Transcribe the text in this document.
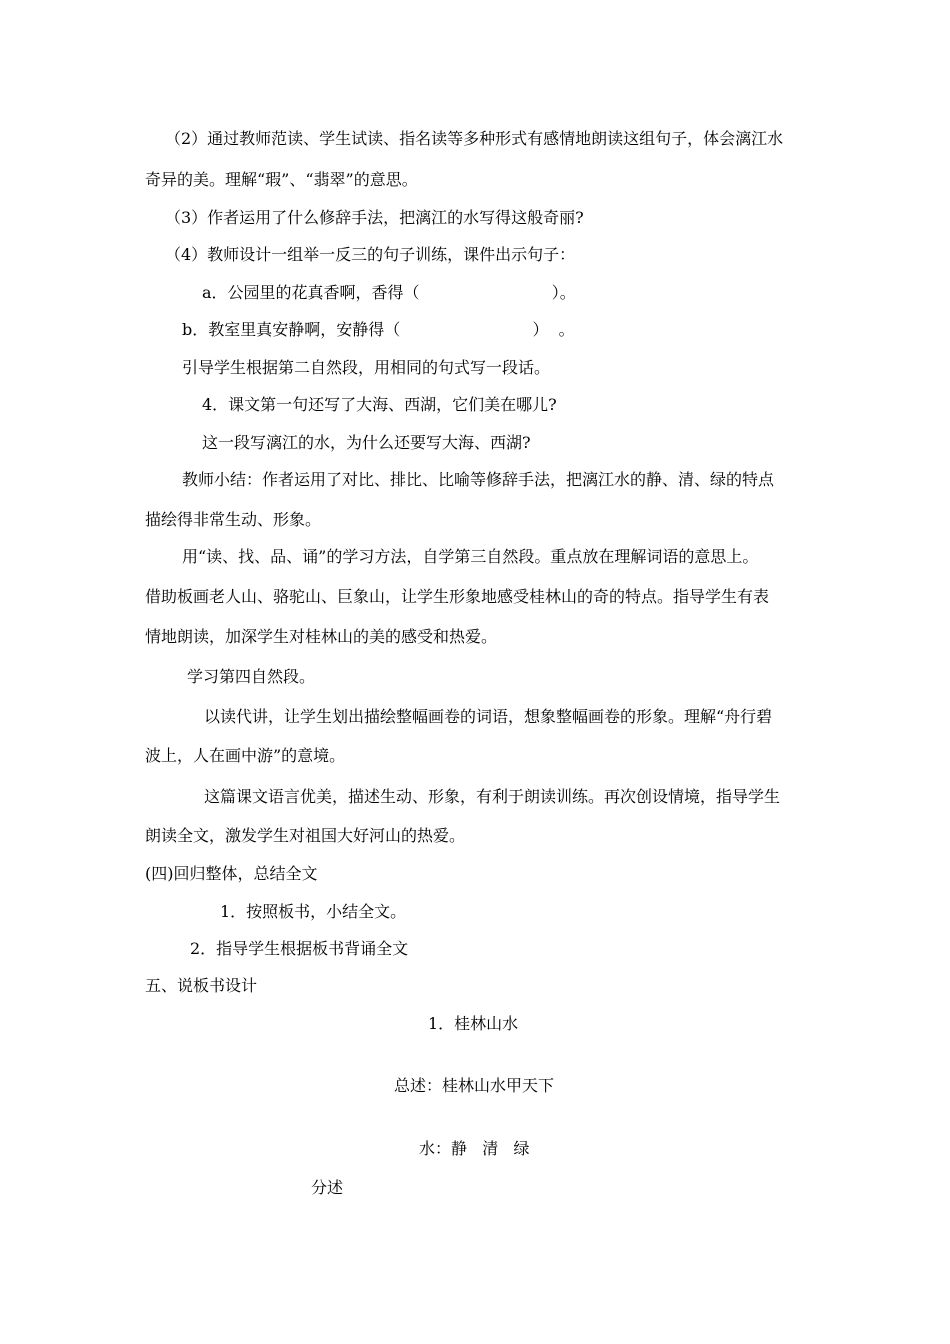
（2）通过教师范读、学生试读、指名读等多种形式有感情地朗读这组句子，体会漓江水

奇异的美。理解“瑕”、“翡翠”的意思。

（3）作者运用了什么修辞手法，把漓江的水写得这般奇丽?

（4）教师设计一组举一反三的句子训练，课件出示句子：

a．公园里的花真香啊，香得（                          ）。

b．教室里真安静啊，安静得（                          ）  。

引导学生根据第二自然段，用相同的句式写一段话。

4．课文第一句还写了大海、西湖，它们美在哪儿?

这一段写漓江的水，为什么还要写大海、西湖?

教师小结：作者运用了对比、排比、比喻等修辞手法，把漓江水的静、清、绿的特点

描绘得非常生动、形象。

用“读、找、品、诵”的学习方法，自学第三自然段。重点放在理解词语的意思上。

借助板画老人山、骆驼山、巨象山，让学生形象地感受桂林山的奇的特点。指导学生有表

情地朗读，加深学生对桂林山的美的感受和热爱。

学习第四自然段。

以读代讲，让学生划出描绘整幅画卷的词语，想象整幅画卷的形象。理解“舟行碧

波上，人在画中游”的意境。

这篇课文语言优美，描述生动、形象，有利于朗读训练。再次创设情境，指导学生

朗读全文，激发学生对祖国大好河山的热爱。

(四)回归整体，总结全文

1．按照板书，小结全文。

2．指导学生根据板书背诵全文

五、说板书设计

1．桂林山水

总述：桂林山水甲天下

水：静   清   绿

分述
